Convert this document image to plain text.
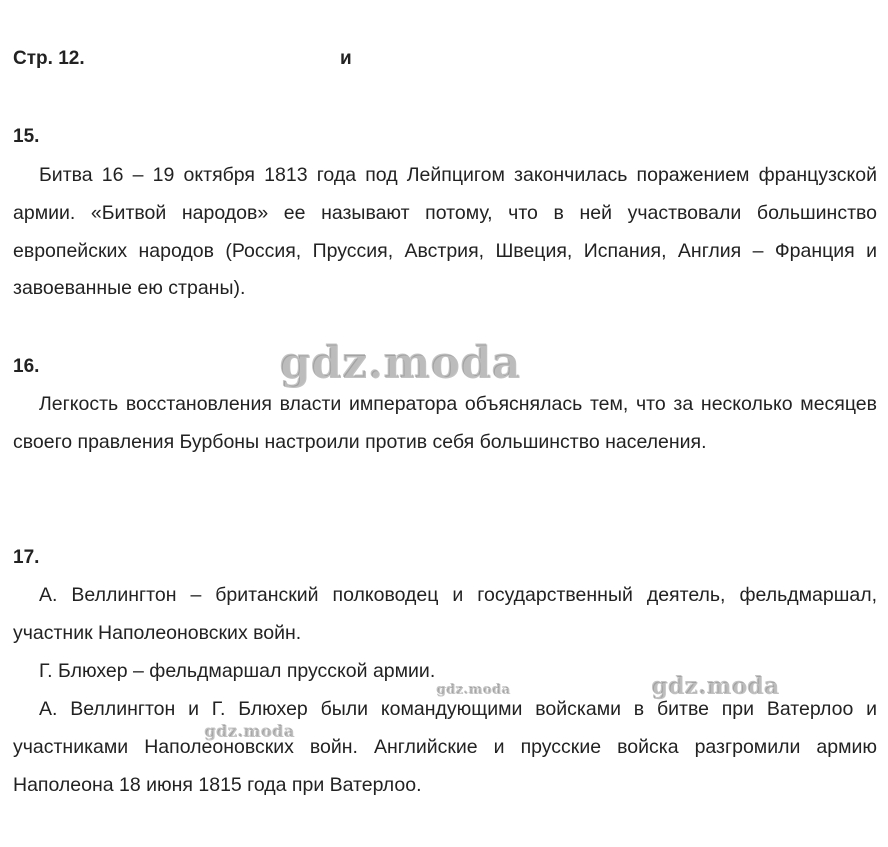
Стр. 12.	и
15.

Битва 16 – 19 октября 1813 года под Лейпцигом закончилась поражением французской армии. «Битвой народов» ее называют потому, что в ней участвовали большинство европейских народов (Россия, Пруссия, Австрия, Швеция, Испания, Англия – Франция и завоеванные ею страны).

16.

Легкость восстановления власти императора объяснялась тем, что за несколько месяцев своего правления Бурбоны настроили против себя большинство населения.

17.

А. Веллингтон – британский полководец и государственный деятель, фельдмаршал, участник Наполеоновских войн.

Г. Блюхер – фельдмаршал прусской армии.

А. Веллингтон и Г. Блюхер были командующими войсками в битве при Ватерлоо и участниками Наполеоновских войн. Английские и прусские войска разгромили армию Наполеона 18 июня 1815 года при Ватерлоо.

gdz.moda
gdz.moda
gdz.moda
gdz.moda
